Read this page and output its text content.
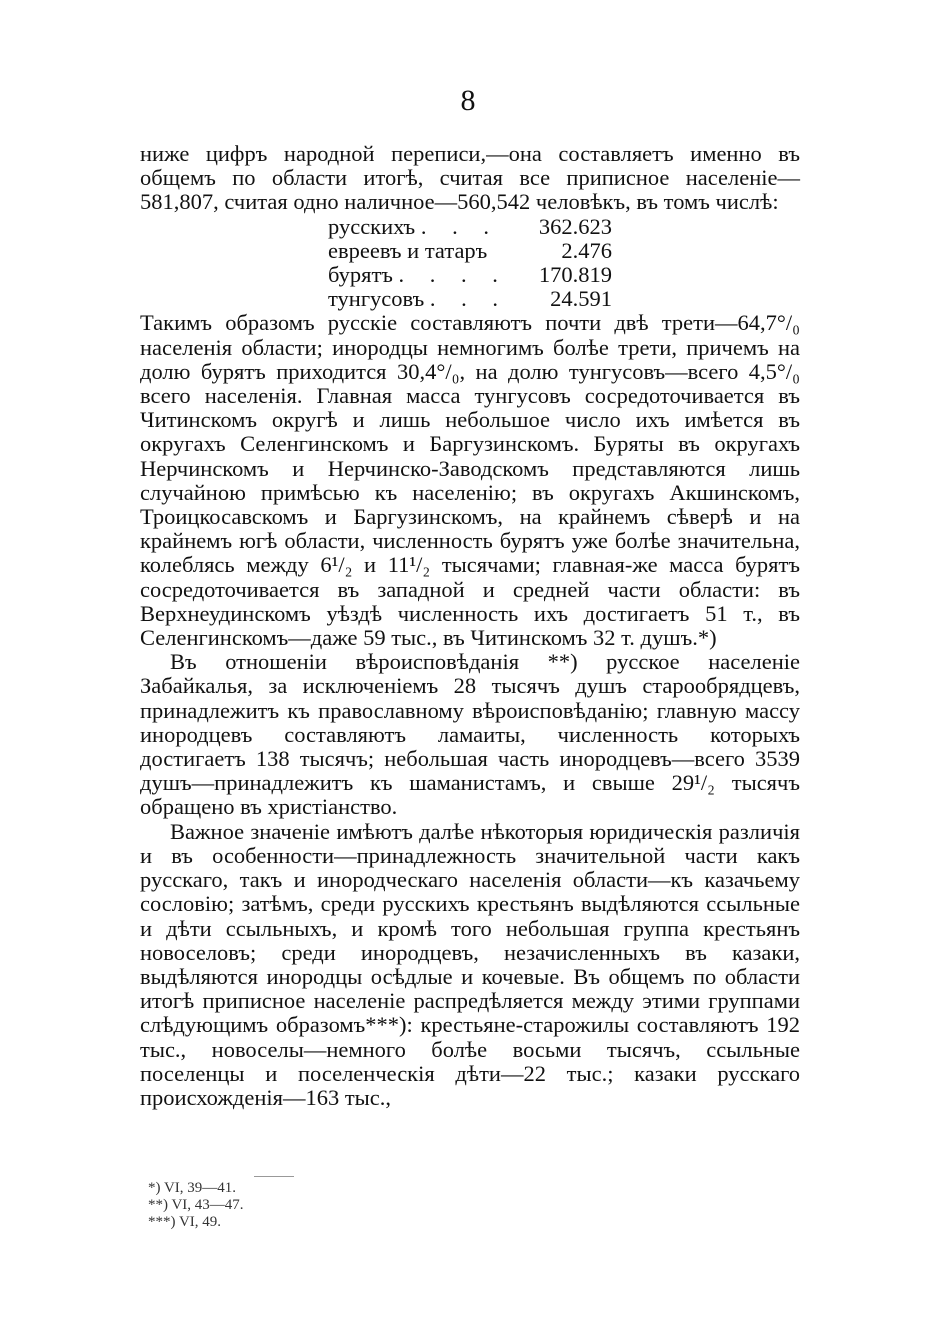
8

ниже цифръ народной переписи,—она составляетъ именно въ общемъ по области итогѣ, считая все приписное населеніе—581,807, считая одно наличное—560,542 человѣкъ, въ томъ числѣ:

русскихъ . . . 362.623
евреевъ и татаръ	2.476
бурятъ . . . . 170.819
тунгусовъ . . . 24.591

Такимъ образомъ русскіе составляютъ почти двѣ трети—64,7°/₀ населенія области; инородцы немногимъ болѣе трети, причемъ на долю бурятъ приходится 30,4°/₀, на долю тунгусовъ—всего 4,5°/₀ всего населенія. Главная масса тунгусовъ сосредоточивается въ Читинскомъ округѣ и лишь небольшое число ихъ имѣется въ округахъ Селенгинскомъ и Баргузинскомъ. Буряты въ округахъ Нерчинскомъ и Нерчинско-Заводскомъ представляются лишь случайною примѣсью къ населенію; въ округахъ Акшинскомъ, Троицкосавскомъ и Баргузинскомъ, на крайнемъ сѣверѣ и на крайнемъ югѣ области, численность бурятъ уже болѣе значительна, колеблясь между 6¹/₂ и 11¹/₂ тысячами; главная-же масса бурятъ сосредоточивается въ западной и средней части области: въ Верхнеудинскомъ уѣздѣ численность ихъ достигаетъ 51 т., въ Селенгинскомъ—даже 59 тыс., въ Читинскомъ 32 т. душъ.*)

Въ отношеніи вѣроисповѣданія **) русское населеніе Забайкалья, за исключеніемъ 28 тысячъ душъ старообрядцевъ, принадлежитъ къ православному вѣроисповѣданію; главную массу инородцевъ составляютъ ламаиты, численность которыхъ достигаетъ 138 тысячъ; небольшая часть инородцевъ—всего 3539 душъ—принадлежитъ къ шаманистамъ, и свыше 29¹/₂ тысячъ обращено въ христіанство.

Важное значеніе имѣютъ далѣе нѣкоторыя юридическія различія и въ особенности—принадлежность значительной части какъ русскаго, такъ и инородческаго населенія области—къ казачьему сословію; затѣмъ, среди русскихъ крестьянъ выдѣляются ссыльные и дѣти ссыльныхъ, и кромѣ того небольшая группа крестьянъ новоселовъ; среди инородцевъ, незачисленныхъ въ казаки, выдѣляются инородцы осѣдлые и кочевые. Въ общемъ по области итогѣ приписное населеніе распредѣляется между этими группами слѣдующимъ образомъ***): крестьяне-старожилы составляютъ 192 тыс., новоселы—немного болѣе восьми тысячъ, ссыльные поселенцы и поселенческія дѣти—22 тыс.; казаки русскаго происхожденія—163 тыс.,

*) VI, 39—41.
**) VI, 43—47.
***) VI, 49.
